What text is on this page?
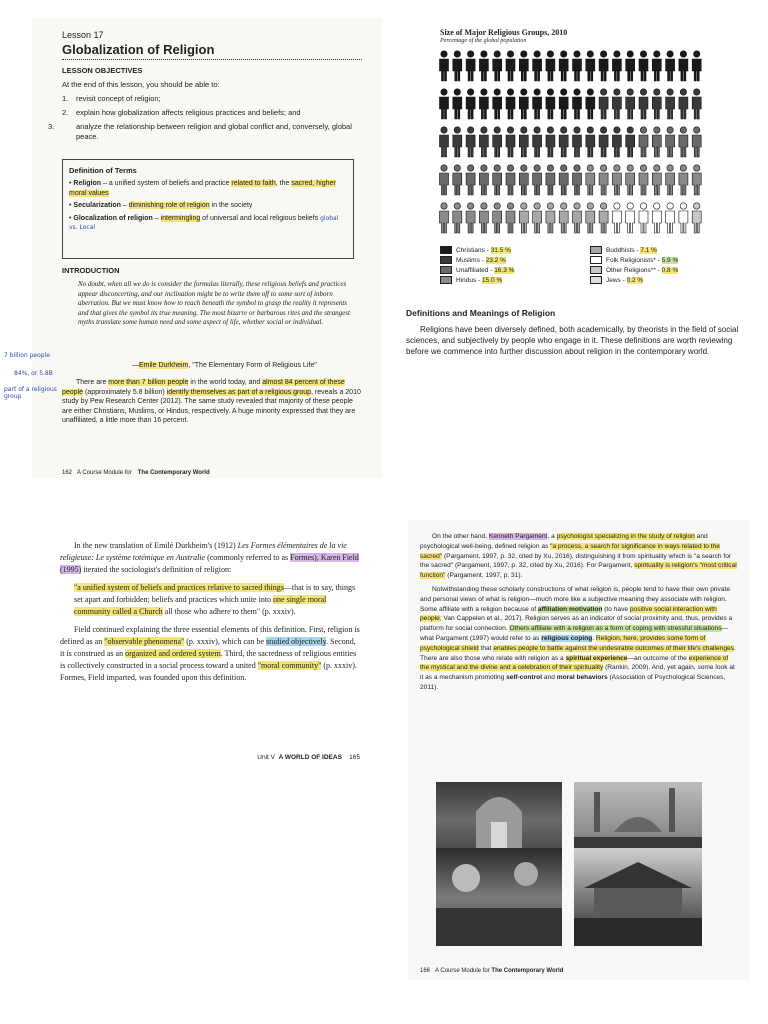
Lesson 17
Globalization of Religion
LESSON OBJECTIVES
At the end of this lesson, you should be able to:
1. revisit concept of religion;
2. explain how globalization affects religious practices and beliefs; and
3.	analyze the relationship between religion and global conflict and, conversely, global peace.
Definition of Terms
• Religion – a unified system of beliefs and practice related to faith, the sacred, higher moral values
• Secularization – diminishing role of religion in the society
• Glocalization of religion – intermingling of universal and local religious beliefs global vs. Local
INTRODUCTION
No doubt, when all we do is consider the formulas literally, these religious beliefs and practices appear disconcerting, and our inclination might be to write them off to some sort of inborn aberration. But we must know how to reach beneath the symbol to grasp the reality it represents and that gives the symbol its true meaning. The most bizarre or barbarous rites and the strangest myths translate some human need and some aspect of life, whether social or individual.
—Emile Durkheim, "The Elementary Form of Religious Life"
There are more than 7 billion people in the world today, and almost 84 percent of these people (approximately 5.8 billion) identify themselves as part of a religious group, reveals a 2010 study by Pew Research Center (2012). The same study revealed that majority of these people are either Christians, Muslims, or Hindus, respectively. A huge minority expressed that they are unaffiliated, a little more than 16 percent.
162 A Course Module for The Contemporary World
7 billion people
84%, or 5.8B
part of a religious group
Size of Major Religious Groups, 2010
Percentage of the global population
Christians - 31.5 %
Muslims - 23.2 %
Unaffiliated - 16.3 %
Hindus - 15.0 %
Buddhists - 7.1 %
Folk Religionists* - 5.9 %
Other Religions** - 0.8 %
Jews - 0.2 %
Definitions and Meanings of Religion
Religions have been diversely defined, both academically, by theorists in the field of social sciences, and subjectively by people who engage in it. These definitions are worth reviewing before we commence into further discussion about religion in the contemporary world.

In the new translation of Emilé Durkheim's (1912) Les Formes élémentaires de la vie religieuse: Le système totémique en Australie (commonly referred to as Formes), Karen Field (1995) iterated the sociologist's definition of religion:

"a unified system of beliefs and practices relative to sacred things—that is to say, things set apart and forbidden; beliefs and practices which unite into one single moral community called a Church all those who adhere to them" (p. xxxiv).

Field continued explaining the three essential elements of this definition. First, religion is defined as an "observable phenomena" (p. xxxiv), which can be studied objectively. Second, it is construed as an organized and ordered system. Third, the sacredness of religious entities is collectively constructed in a social process toward a united "moral community" (p. xxxiv). Formes, Field imparted, was founded upon this definition.

Unit V A WORLD OF IDEAS 165

On the other hand, Kenneth Pargament, a psychologist specializing in the study of religion and psychological well-being, defined religion as "a process, a search for significance in ways related to the sacred" (Pargament, 1997, p. 32, cited by Xu, 2016), distinguishing it from spirituality which is "a search for the sacred" (Pargament, 1997, p. 32, cited by Xu, 2016). For Pargament, spirituality is religion's "most critical function" (Pargament, 1997, p. 31).

Notwithstanding these scholarly constructions of what religion is, people tend to have their own private and personal views of what is religion—much more like a subjective meaning they associate with religion. Some affiliate with a religion because of affiliation motivation (to have positive social interaction with people; Van Cappelen et al., 2017). Religion serves as an indicator of social proximity and, thus, provides a platform for social connection. Others affiliate with a religion as a form of coping with stressful situations—what Pargament (1997) would refer to as religious coping. Religion, here, provides some form of psychological shield that enables people to battle against the undesirable outcomes of their life's challenges. There are also those who relate with religion as a spiritual experience—an outcome of the experience of the mystical and the divine and a celebration of their spirituality (Rankin, 2009). And, yet again, some look at it as a mechanism promoting self-control and moral behaviors (Association of Psychological Sciences, 2011).

166 A Course Module for The Contemporary World
